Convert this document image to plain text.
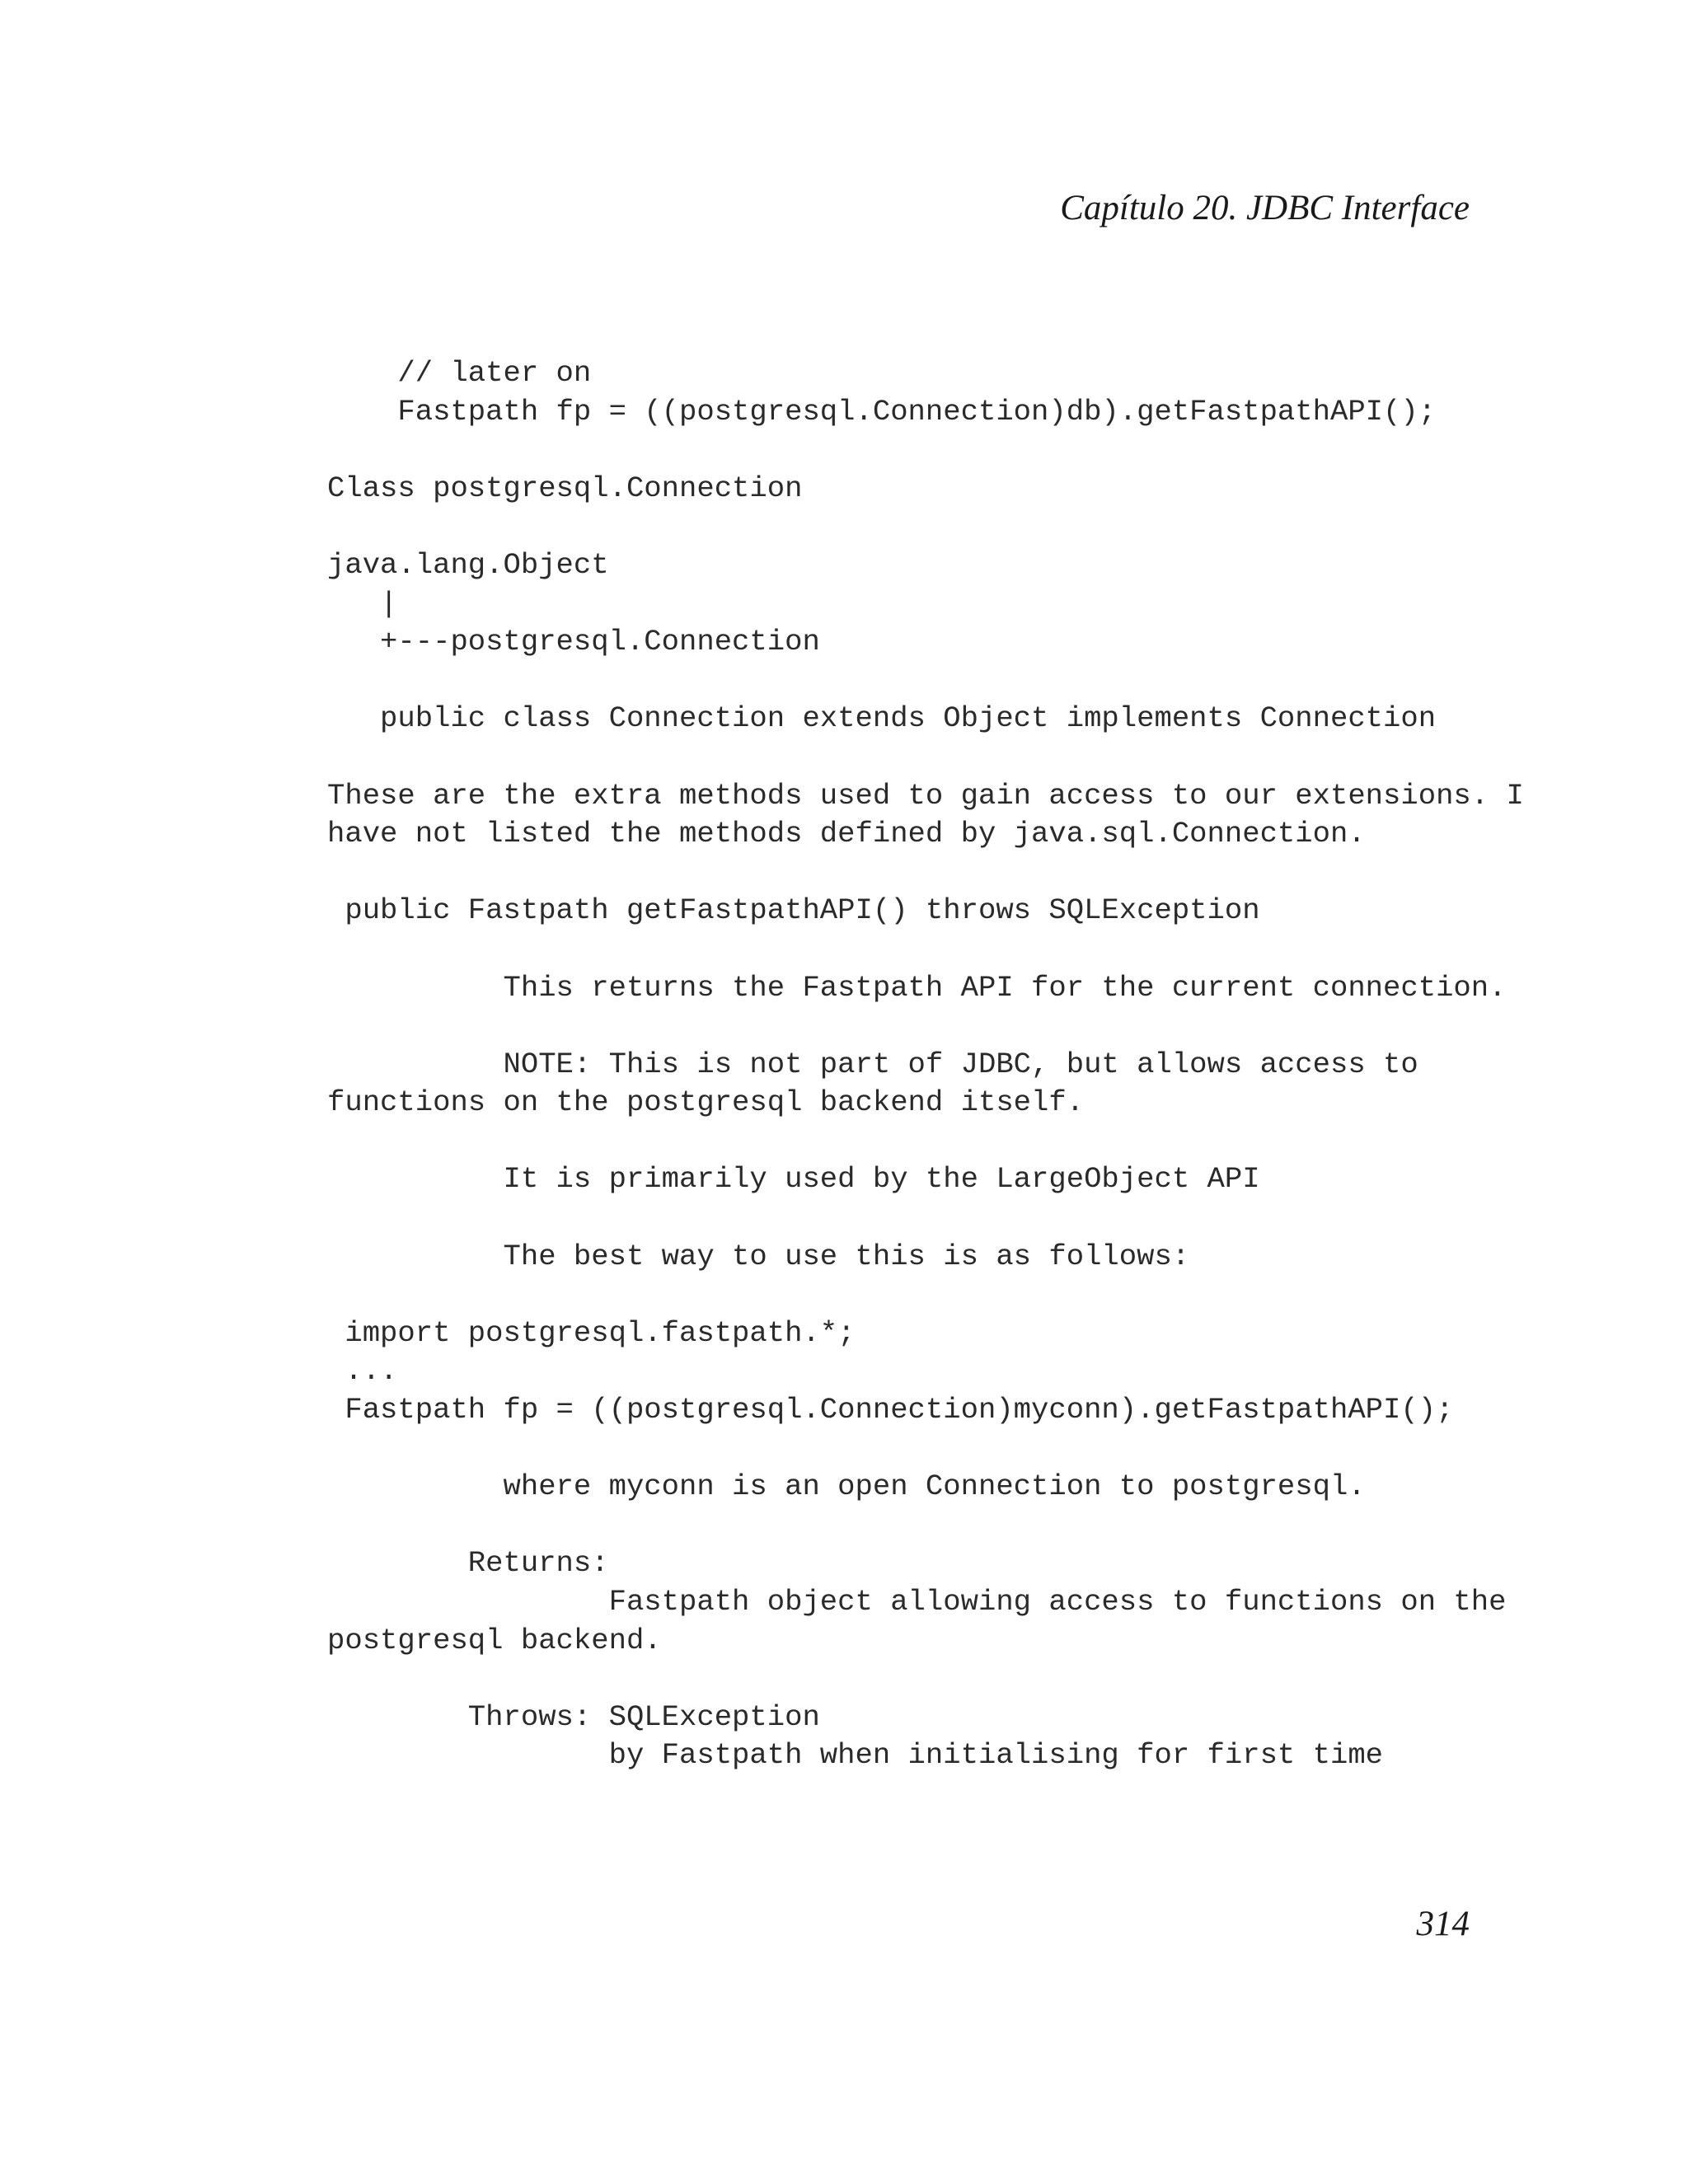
Capítulo 20. JDBC Interface
// later on
Fastpath fp = ((postgresql.Connection)db).getFastpathAPI();
Class postgresql.Connection
java.lang.Object
|
+---postgresql.Connection
public class Connection extends Object implements Connection
These are the extra methods used to gain access to our extensions. I
have not listed the methods defined by java.sql.Connection.
public Fastpath getFastpathAPI() throws SQLException
This returns the Fastpath API for the current connection.
NOTE: This is not part of JDBC, but allows access to
functions on the postgresql backend itself.
It is primarily used by the LargeObject API
The best way to use this is as follows:
import postgresql.fastpath.*;
...
Fastpath fp = ((postgresql.Connection)myconn).getFastpathAPI();
where myconn is an open Connection to postgresql.
Returns:
Fastpath object allowing access to functions on the
postgresql backend.
Throws: SQLException
by Fastpath when initialising for first time
314
